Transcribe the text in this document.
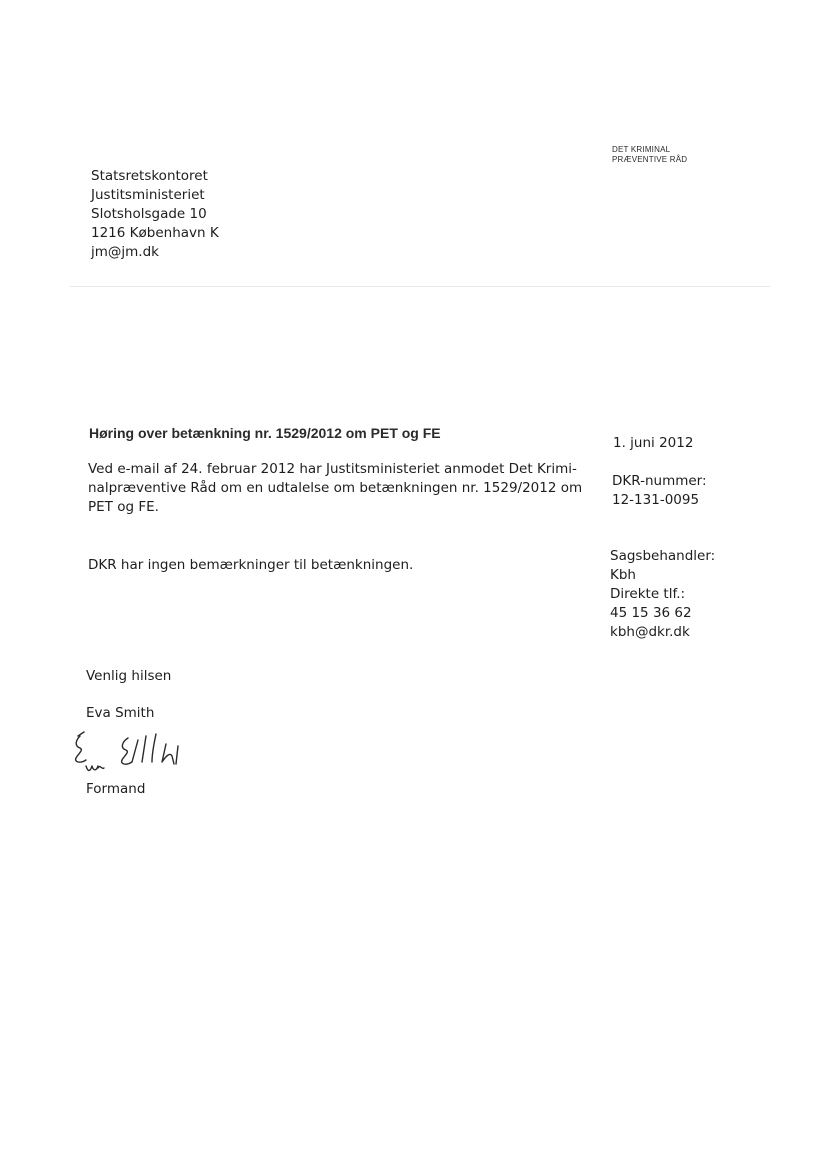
DET KRIMINAL
PRÆVENTIVE RÅD
Statsretskontoret
Justitsministeriet
Slotsholsgade 10
1216 København K
jm@jm.dk
Høring over betænkning nr. 1529/2012 om PET og FE
Ved e-mail af 24. februar 2012 har Justitsministeriet anmodet Det Krimi-
nalpræventive Råd om en udtalelse om betænkningen nr. 1529/2012 om
PET og FE.
DKR har ingen bemærkninger til betænkningen.
1. juni 2012
DKR-nummer:
12-131-0095
Sagsbehandler:
Kbh
Direkte tlf.:
45 15 36 62
kbh@dkr.dk
Venlig hilsen
Eva Smith
Formand
